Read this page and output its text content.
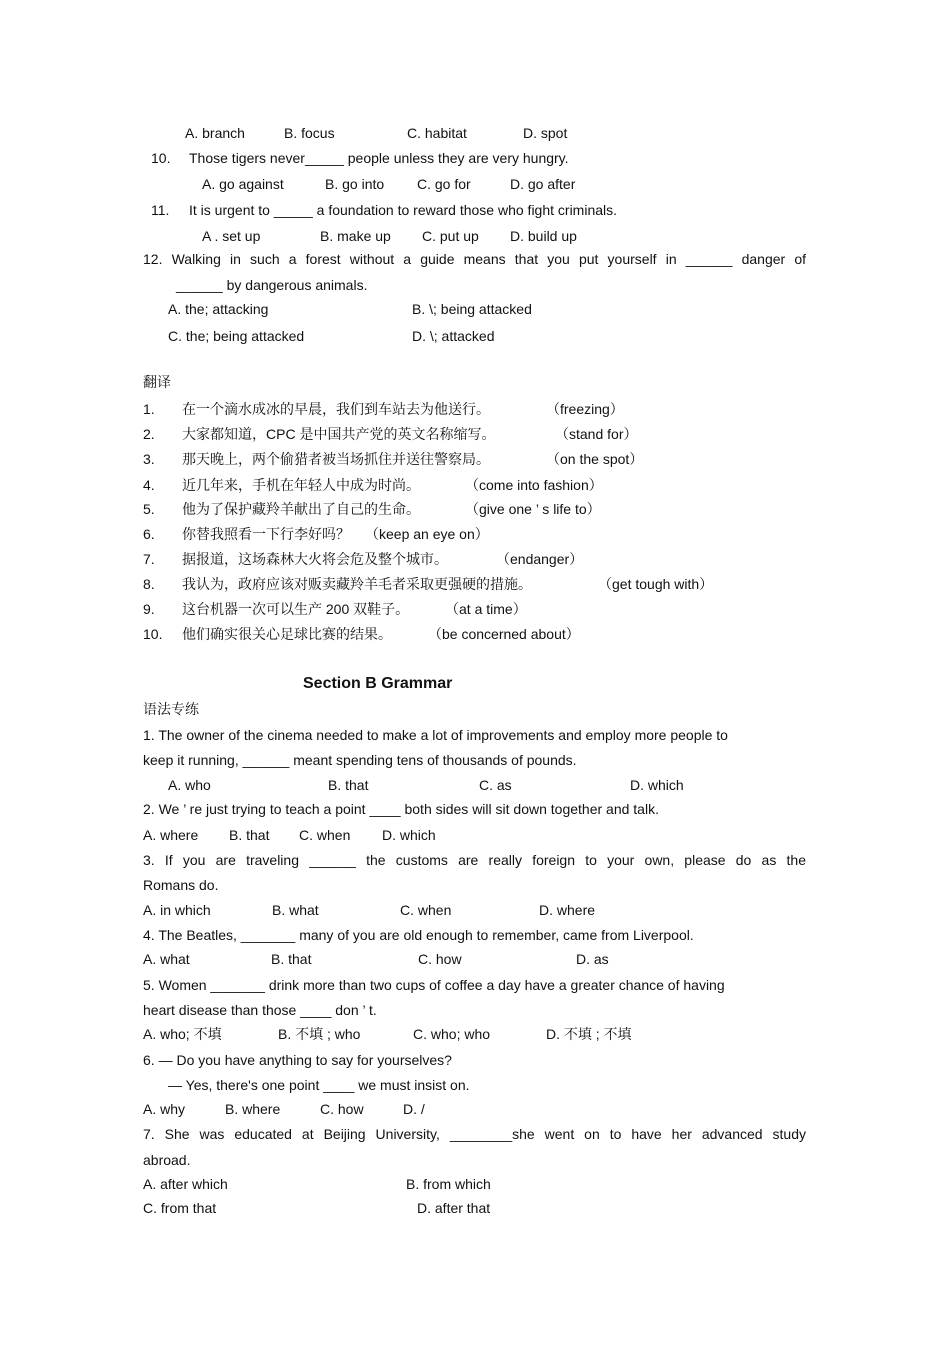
A. branch	B. focus	C. habitat	D. spot
10. Those tigers never_____ people unless they are very hungry.
A. go against	B. go into C. go for	D. go after
11. It is urgent to _____ a foundation to reward those who fight criminals.
A . set up	B. make up C. put up D. build up
12. Walking in such a forest without a guide means that you put yourself in ______ danger of
______ by dangerous animals.
A. the; attacking	B. \; being attacked
C. the; being attacked	D. \; attacked
翻译
1. 在一个滴水成冰的早晨，我们到车站去为他送行。	（freezing）
2. 大家都知道，CPC 是中国共产党的英文名称缩写。	（stand for）
3. 那天晚上，两个偷猎者被当场抓住并送往警察局。	（on the spot）
4. 近几年来，手机在年轻人中成为时尚。	（come into fashion）
5. 他为了保护藏羚羊献出了自己的生命。	（give one ’ s life to）
6. 你替我照看一下行李好吗？ （keep an eye on）
7. 据报道，这场森林大火将会危及整个城市。	（endanger）
8. 我认为，政府应该对贩卖藏羚羊毛者采取更强硬的措施。	（get tough with）
9. 这台机器一次可以生产 200 双鞋子。	（at a time）
10. 他们确实很关心足球比赛的结果。	（be concerned about）
Section B Grammar
语法专练
1. The owner of the cinema needed to make a lot of improvements and employ more people to
keep it running, ______ meant spending tens of thousands of pounds.
A. who	B. that	C. as	D. which
2. We ’ re just trying to teach a point ____ both sides will sit down together and talk.
A. where B. that C. when D. which
3. If you are traveling ______ the customs are really foreign to your own, please do as the
Romans do.
A. in which	B. what	C. when	D. where
4. The Beatles, _______ many of you are old enough to remember, came from Liverpool.
A. what	B. that	C. how	D. as
5. Women _______ drink more than two cups of coffee a day have a greater chance of having
heart disease than those ____ don ’ t.
A. who; 不填	B. 不填 ; who	C. who; who	D. 不填 ; 不填
6. — Do you have anything to say for yourselves?
— Yes, there's one point ____ we must insist on.
A. why	B. where	C. how	D. /
7. She was educated at Beijing University, ________she went on to have her advanced study
abroad.
A. after which	B. from which
C. from that	D. after that
